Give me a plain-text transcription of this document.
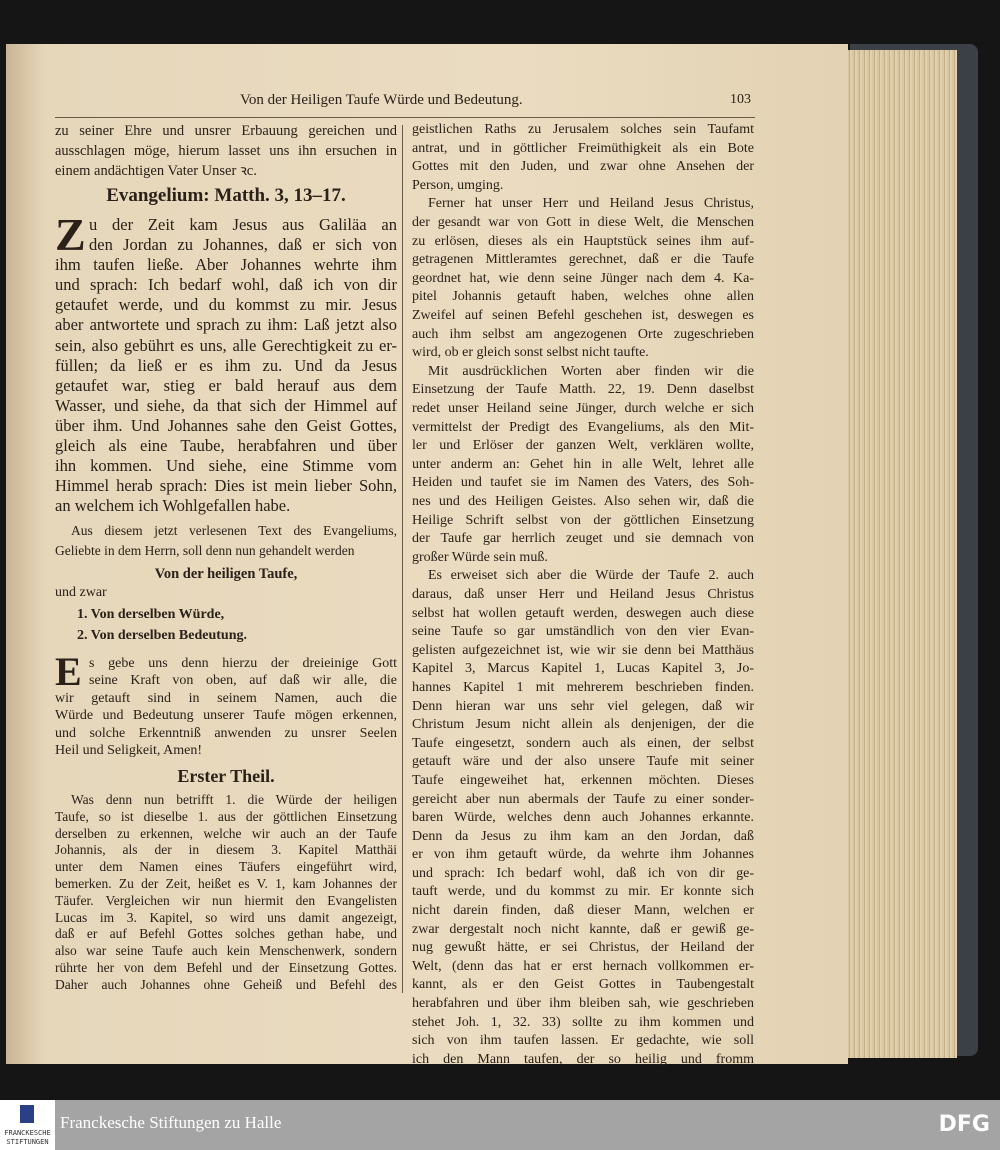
Von der Heiligen Taufe Würde und Bedeutung.	103
zu seiner Ehre und unsrer Erbauung gereichen und
ausschlagen möge, hierum lasset uns ihn ersuchen in
einem andächtigen Vater Unser ꝛc.
Evangelium: Matth. 3, 13–17.
Z u der Zeit kam Jesus aus Galiläa an
den Jordan zu Johannes, daß er sich von
ihm taufen ließe. Aber Johannes wehrte ihm
und sprach: Ich bedarf wohl, daß ich von dir
getaufet werde, und du kommst zu mir. Jesus
aber antwortete und sprach zu ihm: Laß jetzt also
sein, also gebührt es uns, alle Gerechtigkeit zu er-
füllen; da ließ er es ihm zu. Und da Jesus
getaufet war, stieg er bald herauf aus dem
Wasser, und siehe, da that sich der Himmel auf
über ihm. Und Johannes sahe den Geist Gottes,
gleich als eine Taube, herabfahren und über
ihn kommen. Und siehe, eine Stimme vom
Himmel herab sprach: Dies ist mein lieber Sohn,
an welchem ich Wohlgefallen habe.
Aus diesem jetzt verlesenen Text des Evangeliums,
Geliebte in dem Herrn, soll denn nun gehandelt werden
Von der heiligen Taufe,
und zwar
1. Von derselben Würde,
2. Von derselben Bedeutung.
E s gebe uns denn hierzu der dreieinige Gott
seine Kraft von oben, auf daß wir alle, die
wir getauft sind in seinem Namen, auch die
Würde und Bedeutung unserer Taufe mögen erkennen,
und solche Erkenntniß anwenden zu unsrer Seelen
Heil und Seligkeit, Amen!
Erster Theil.
Was denn nun betrifft 1. die Würde der heiligen
Taufe, so ist dieselbe 1. aus der göttlichen Einsetzung
derselben zu erkennen, welche wir auch an der Taufe
Johannis, als der in diesem 3. Kapitel Matthäi
unter dem Namen eines Täufers eingeführt wird,
bemerken. Zu der Zeit, heißet es V. 1, kam Johannes der
Täufer. Vergleichen wir nun hiermit den Evangelisten
Lucas im 3. Kapitel, so wird uns damit angezeigt,
daß er auf Befehl Gottes solches gethan habe, und
also war seine Taufe auch kein Menschenwerk, sondern
rührte her von dem Befehl und der Einsetzung Gottes.
Daher auch Johannes ohne Geheiß und Befehl des
geistlichen Raths zu Jerusalem solches sein Taufamt
antrat, und in göttlicher Freimüthigkeit als ein Bote
Gottes mit den Juden, und zwar ohne Ansehen der
Person, umging.
Ferner hat unser Herr und Heiland Jesus Christus,
der gesandt war von Gott in diese Welt, die Menschen
zu erlösen, dieses als ein Hauptstück seines ihm auf-
getragenen Mittleramtes gerechnet, daß er die Taufe
geordnet hat, wie denn seine Jünger nach dem 4. Ka-
pitel Johannis getauft haben, welches ohne allen
Zweifel auf seinen Befehl geschehen ist, deswegen es
auch ihm selbst am angezogenen Orte zugeschrieben
wird, ob er gleich sonst selbst nicht taufte.
Mit ausdrücklichen Worten aber finden wir die
Einsetzung der Taufe Matth. 22, 19. Denn daselbst
redet unser Heiland seine Jünger, durch welche er sich
vermittelst der Predigt des Evangeliums, als den Mit-
ler und Erlöser der ganzen Welt, verklären wollte,
unter anderm an: Gehet hin in alle Welt, lehret alle
Heiden und taufet sie im Namen des Vaters, des Soh-
nes und des Heiligen Geistes. Also sehen wir, daß die
Heilige Schrift selbst von der göttlichen Einsetzung
der Taufe gar herrlich zeuget und sie demnach von
großer Würde sein muß.
Es erweiset sich aber die Würde der Taufe 2. auch
daraus, daß unser Herr und Heiland Jesus Christus
selbst hat wollen getauft werden, deswegen auch diese
seine Taufe so gar umständlich von den vier Evan-
gelisten aufgezeichnet ist, wie wir sie denn bei Matthäus
Kapitel 3, Marcus Kapitel 1, Lucas Kapitel 3, Jo-
hannes Kapitel 1 mit mehrerem beschrieben finden.
Denn hieran war uns sehr viel gelegen, daß wir
Christum Jesum nicht allein als denjenigen, der die
Taufe eingesetzt, sondern auch als einen, der selbst
getauft wäre und der also unsere Taufe mit seiner
Taufe eingeweihet hat, erkennen möchten. Dieses
gereicht aber nun abermals der Taufe zu einer sonder-
baren Würde, welches denn auch Johannes erkannte.
Denn da Jesus zu ihm kam an den Jordan, daß
er von ihm getauft würde, da wehrte ihm Johannes
und sprach: Ich bedarf wohl, daß ich von dir ge-
tauft werde, und du kommst zu mir. Er konnte sich
nicht darein finden, daß dieser Mann, welchen er
zwar dergestalt noch nicht kannte, daß er gewiß ge-
nug gewußt hätte, er sei Christus, der Heiland der
Welt, (denn das hat er erst hernach vollkommen er-
kannt, als er den Geist Gottes in Taubengestalt
herabfahren und über ihm bleiben sah, wie geschrieben
stehet Joh. 1, 32. 33) sollte zu ihm kommen und
sich von ihm taufen lassen. Er gedachte, wie soll
ich den Mann taufen, der so heilig und fromm
FRANCKESCHE
STIFTUNGEN
Franckesche Stiftungen zu Halle	DFG
